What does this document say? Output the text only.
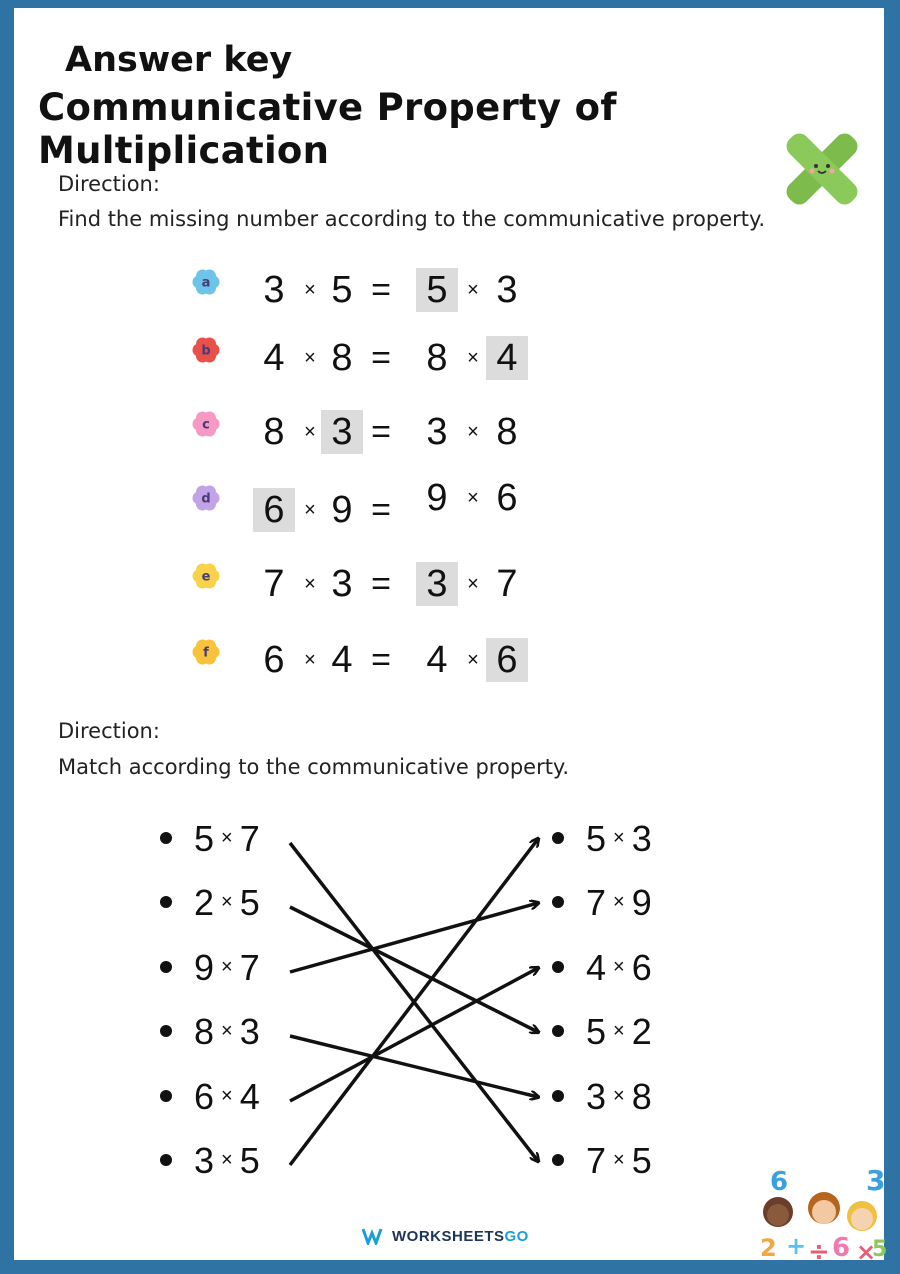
Answer key
Communicative Property of Multiplication
Direction:
Find the missing number according to the communicative property.
a 3 × 5 = 5 × 3
b 4 × 8 = 8 × 4
c 8 × 3 = 3 × 8
d 6 × 9 = 9 × 6
e 7 × 3 = 3 × 7
f 6 × 4 = 4 × 6
Direction:
Match according to the communicative property.
5 × 7
2 × 5
9 × 7
8 × 3
6 × 4
3 × 5
5 × 3
7 × 9
4 × 6
5 × 2
3 × 8
7 × 5
WORKSHEETSGO
6	3
2 + ÷ 6 ×
5
